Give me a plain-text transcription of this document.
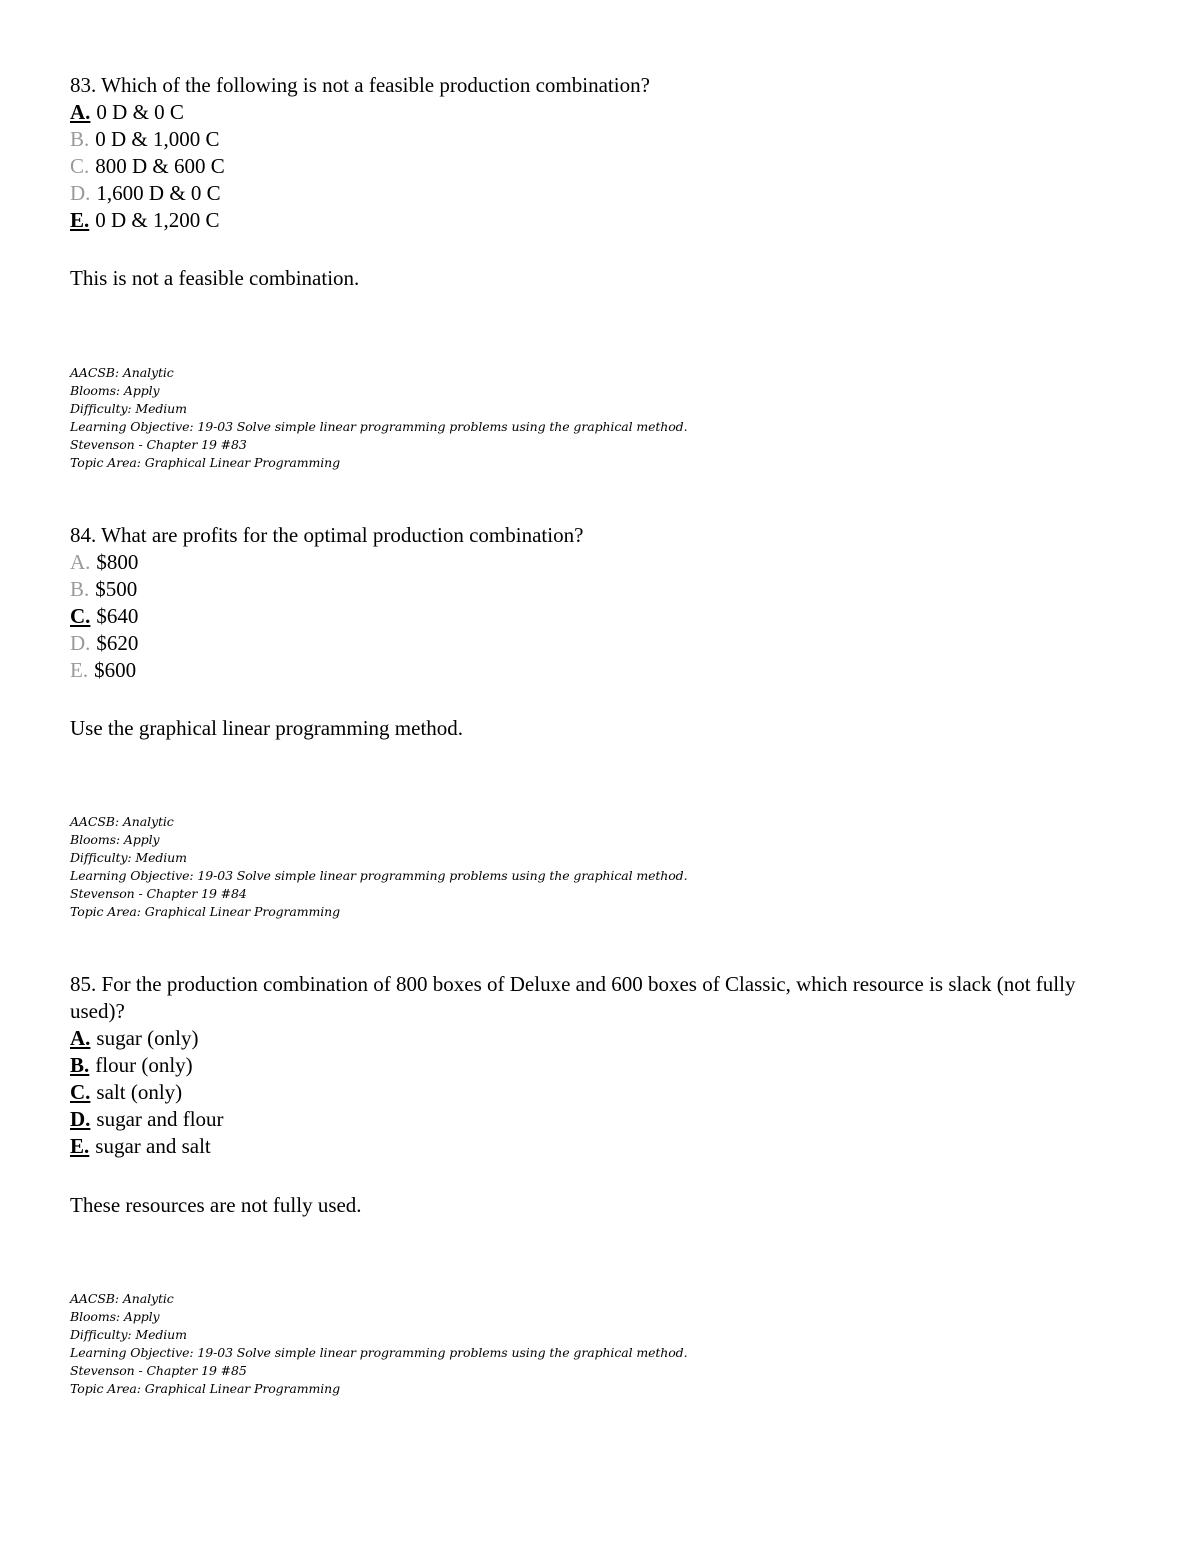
83. Which of the following is not a feasible production combination?

A. 0 D & 0 C
B. 0 D & 1,000 C
C. 800 D & 600 C
D. 1,600 D & 0 C
E. 0 D & 1,200 C

This is not a feasible combination.

AACSB: Analytic
Blooms: Apply
Difficulty: Medium
Learning Objective: 19-03 Solve simple linear programming problems using the graphical method.
Stevenson - Chapter 19 #83
Topic Area: Graphical Linear Programming

84. What are profits for the optimal production combination?

A. $800
B. $500
C. $640
D. $620
E. $600

Use the graphical linear programming method.

AACSB: Analytic
Blooms: Apply
Difficulty: Medium
Learning Objective: 19-03 Solve simple linear programming problems using the graphical method.
Stevenson - Chapter 19 #84
Topic Area: Graphical Linear Programming

85. For the production combination of 800 boxes of Deluxe and 600 boxes of Classic, which resource is slack (not fully used)?

A. sugar (only)
B. flour (only)
C. salt (only)
D. sugar and flour
E. sugar and salt

These resources are not fully used.

AACSB: Analytic
Blooms: Apply
Difficulty: Medium
Learning Objective: 19-03 Solve simple linear programming problems using the graphical method.
Stevenson - Chapter 19 #85
Topic Area: Graphical Linear Programming
